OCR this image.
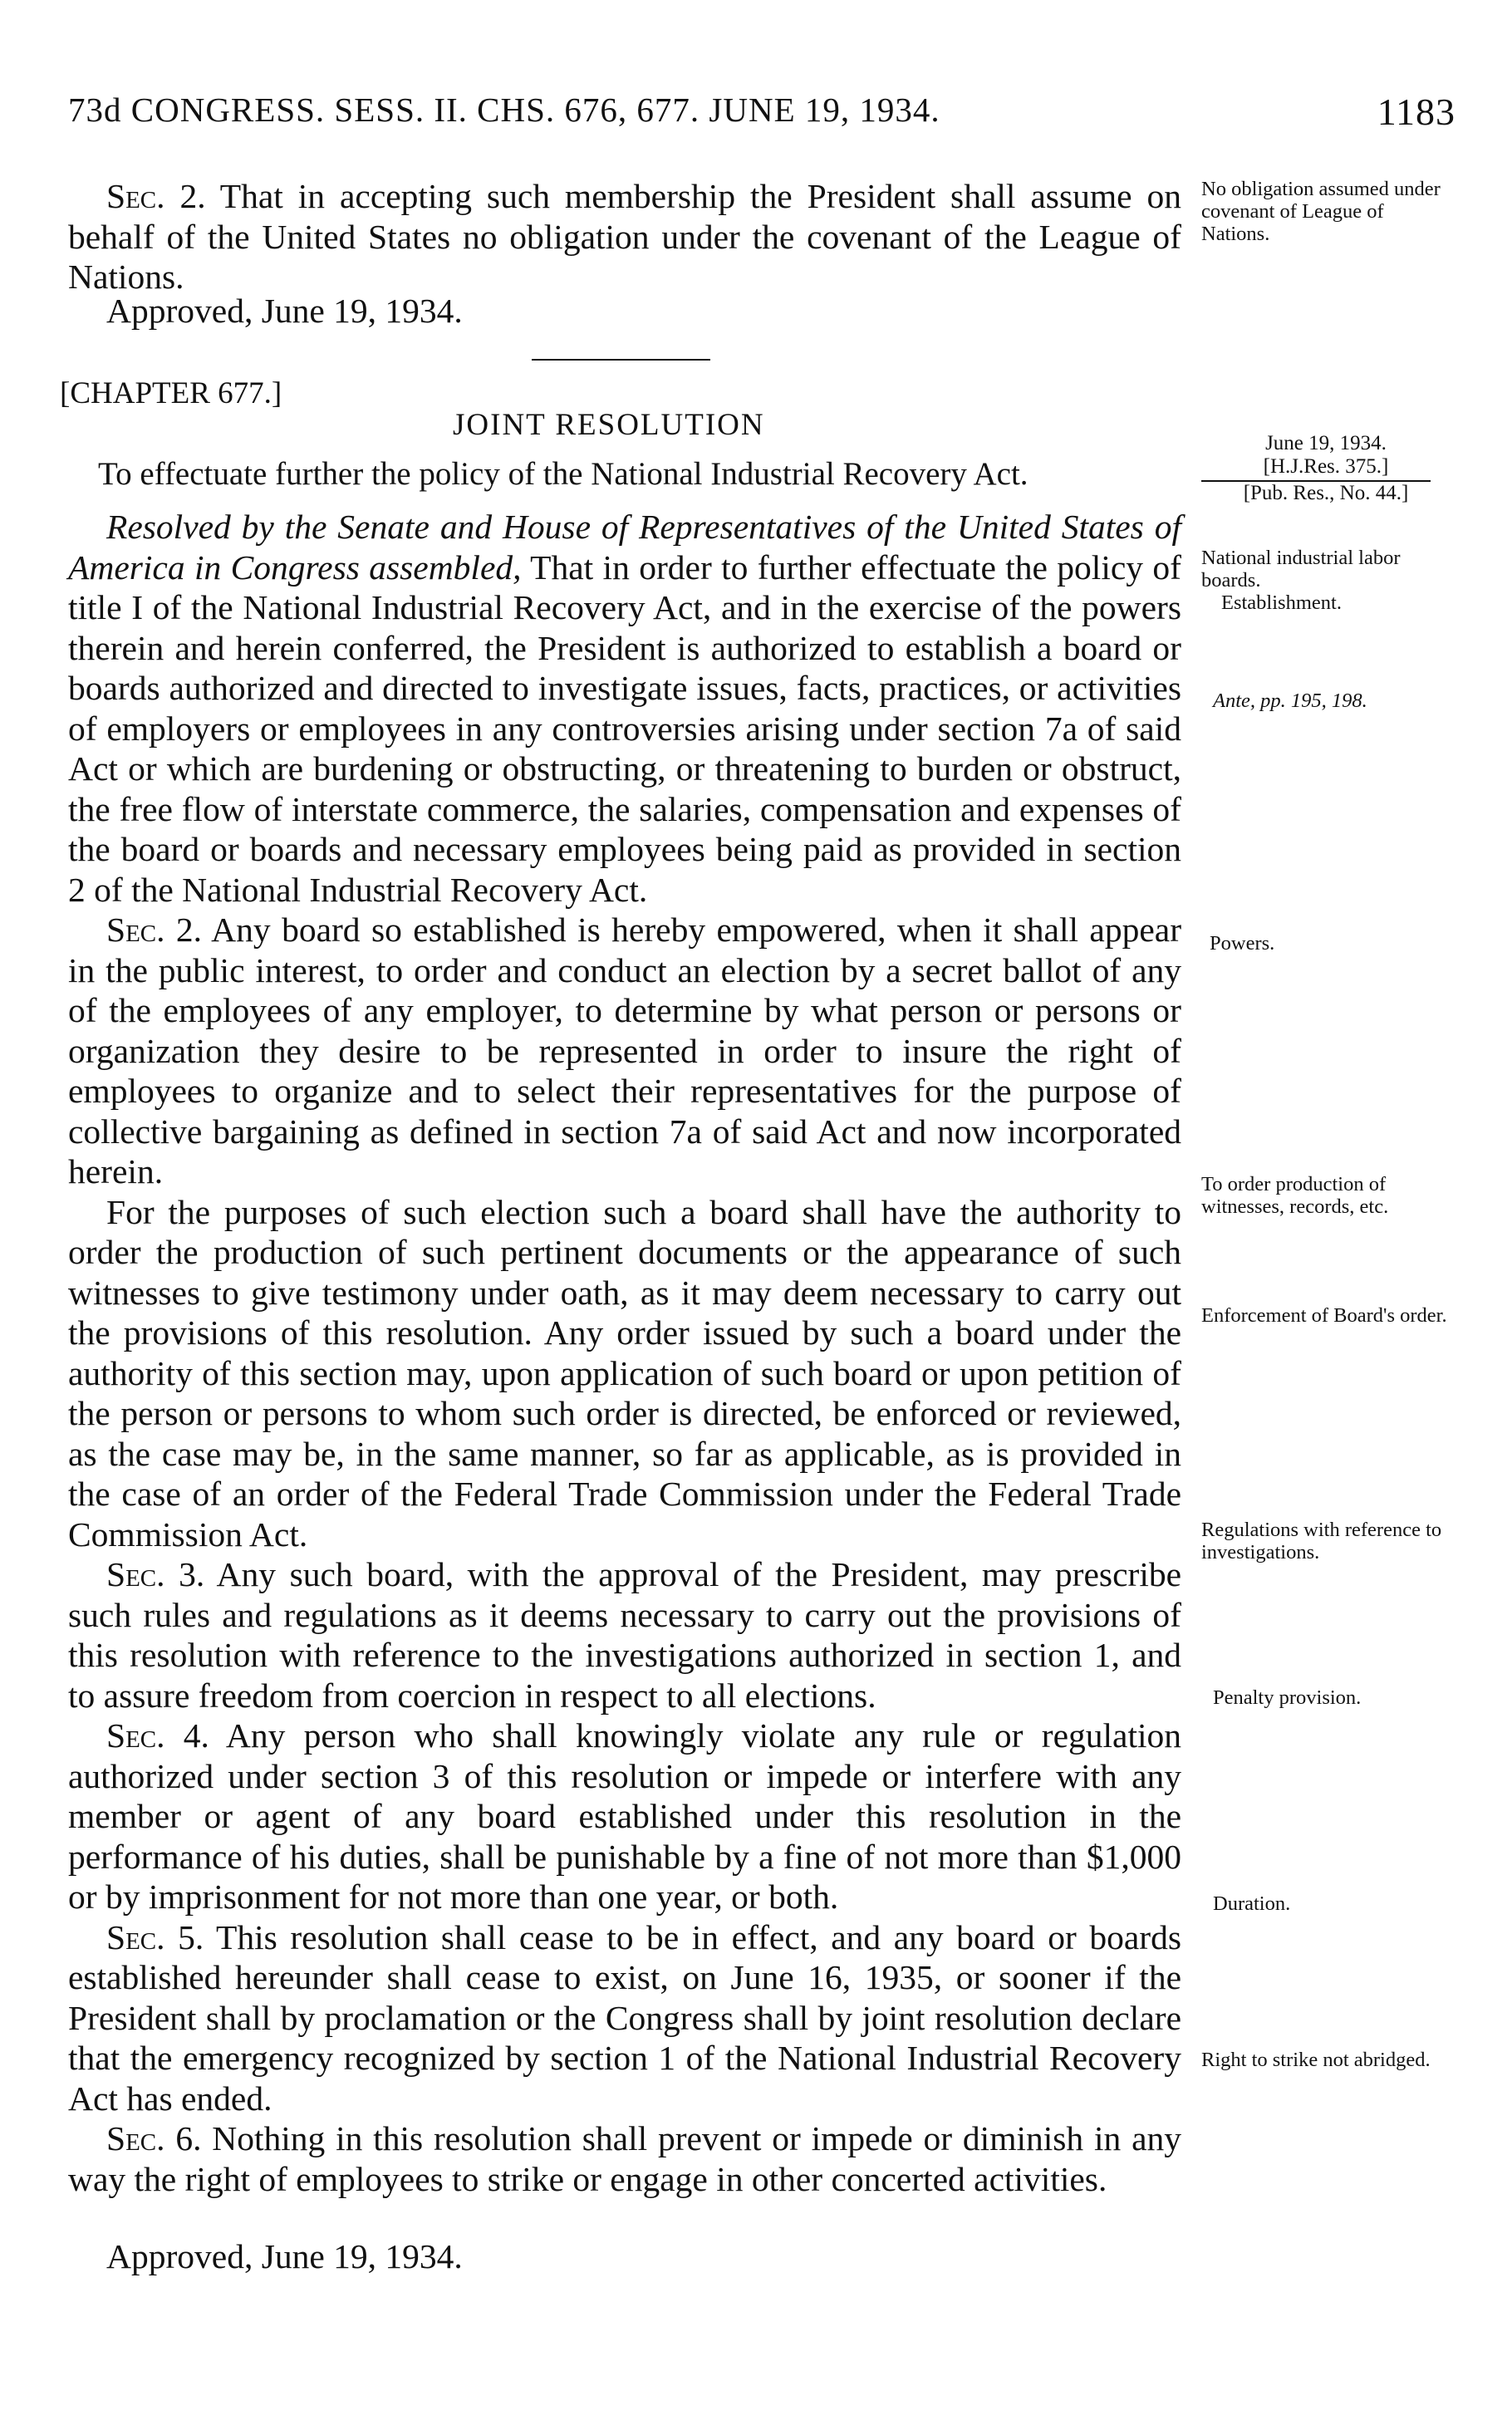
73d CONGRESS. SESS. II. CHS. 676, 677. JUNE 19, 1934.	1183

Sec. 2. That in accepting such membership the President shall assume on behalf of the United States no obligation under the covenant of the League of Nations.

Approved, June 19, 1934.
No obligation assumed under covenant of League of Nations.
[CHAPTER 677.]
JOINT RESOLUTION
To effectuate further the policy of the National Industrial Recovery Act.
June 19, 1934.
[H.J.Res. 375.]
[Pub. Res., No. 44.]

Resolved by the Senate and House of Representatives of the United States of America in Congress assembled, That in order to further effectuate the policy of title I of the National Industrial Recovery Act, and in the exercise of the powers therein and herein conferred, the President is authorized to establish a board or boards authorized and directed to investigate issues, facts, practices, or activities of employers or employees in any controversies arising under section 7a of said Act or which are burdening or obstructing, or threatening to burden or obstruct, the free flow of interstate commerce, the salaries, compensation and expenses of the board or boards and necessary employees being paid as provided in section 2 of the National Industrial Recovery Act.

Sec. 2. Any board so established is hereby empowered, when it shall appear in the public interest, to order and conduct an election by a secret ballot of any of the employees of any employer, to determine by what person or persons or organization they desire to be represented in order to insure the right of employees to organize and to select their representatives for the purpose of collective bargaining as defined in section 7a of said Act and now incorporated herein.

For the purposes of such election such a board shall have the authority to order the production of such pertinent documents or the appearance of such witnesses to give testimony under oath, as it may deem necessary to carry out the provisions of this resolution. Any order issued by such a board under the authority of this section may, upon application of such board or upon petition of the person or persons to whom such order is directed, be enforced or reviewed, as the case may be, in the same manner, so far as applicable, as is provided in the case of an order of the Federal Trade Commission under the Federal Trade Commission Act.

Sec. 3. Any such board, with the approval of the President, may prescribe such rules and regulations as it deems necessary to carry out the provisions of this resolution with reference to the investigations authorized in section 1, and to assure freedom from coercion in respect to all elections.

Sec. 4. Any person who shall knowingly violate any rule or regulation authorized under section 3 of this resolution or impede or interfere with any member or agent of any board established under this resolution in the performance of his duties, shall be punishable by a fine of not more than $1,000 or by imprisonment for not more than one year, or both.

Sec. 5. This resolution shall cease to be in effect, and any board or boards established hereunder shall cease to exist, on June 16, 1935, or sooner if the President shall by proclamation or the Congress shall by joint resolution declare that the emergency recognized by section 1 of the National Industrial Recovery Act has ended.

Sec. 6. Nothing in this resolution shall prevent or impede or diminish in any way the right of employees to strike or engage in other concerted activities.

Approved, June 19, 1934.
National industrial labor boards.
Establishment.
Ante, pp. 195, 198.
Powers.
To order production of witnesses, records, etc.
Enforcement of Board's order.
Regulations with reference to investigations.
Penalty provision.
Duration.
Right to strike not abridged.
